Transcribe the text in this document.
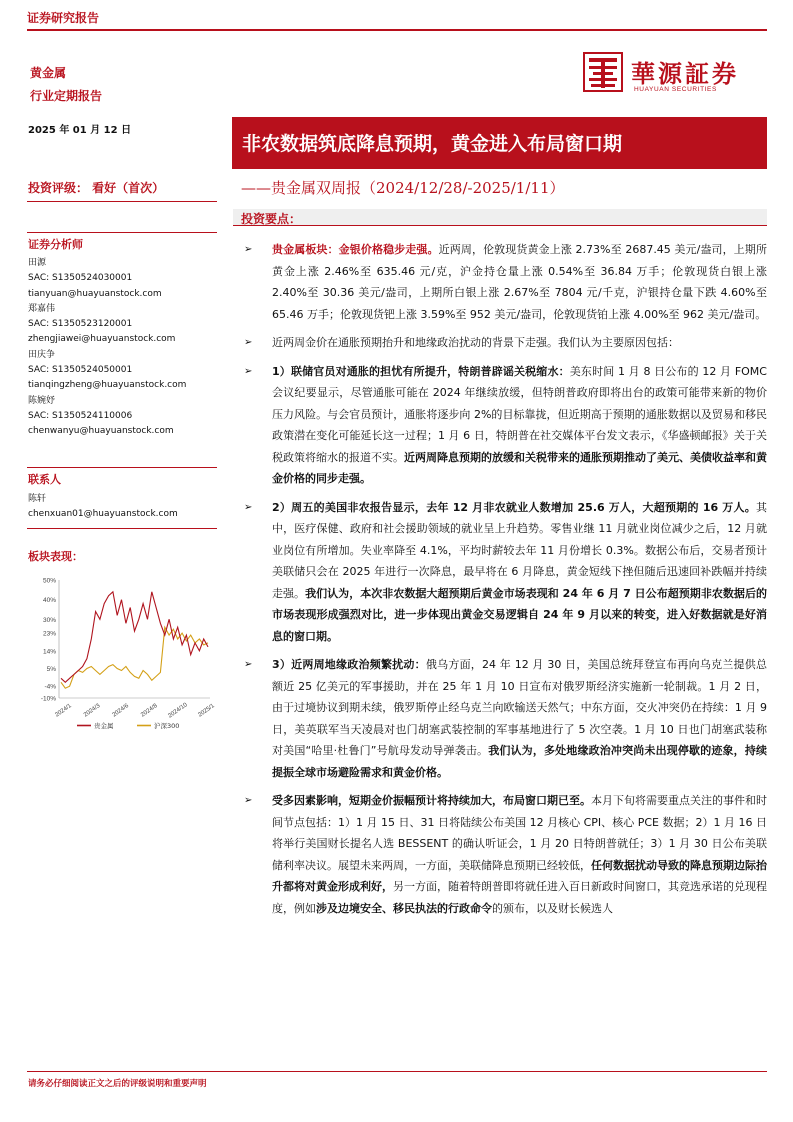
证券研究报告
黄金属
行业定期报告
華源証券
HUAYUAN SECURITIES
2025 年 01 月 12 日
非农数据筑底降息预期，黄金进入布局窗口期
——贵金属双周报（2024/12/28/-2025/1/11）
投资评级： 看好（首次）
证券分析师
田源
SAC: S1350524030001
tianyuan@huayuanstock.com
郑嘉伟
SAC: S1350523120001
zhengjiawei@huayuanstock.com
田庆争
SAC: S1350524050001
tianqingzheng@huayuanstock.com
陈婉妤
SAC: S1350524110006
chenwanyu@huayuanstock.com
联系人
陈轩
chenxuan01@huayuanstock.com
板块表现：
50%
40%
30%
23%
14%
5%
-4%
-10%
2024/1 2024/3 2024/6 2024/8 2024/10 2025/1
贵金属	沪深300
投资要点：
➢ 贵金属板块：金银价格稳步走强。近两周，伦敦现货黄金上涨 2.73%至 2687.45 美元/盎司，上期所黄金上涨 2.46%至 635.46 元/克，沪金持仓量上涨 0.54%至 36.84 万手；伦敦现货白银上涨 2.40%至 30.36 美元/盎司，上期所白银上涨 2.67%至 7804 元/千克，沪银持仓量下跌 4.60%至 65.46 万手；伦敦现货钯上涨 3.59%至 952 美元/盎司，伦敦现货铂上涨 4.00%至 962 美元/盎司。
➢ 近两周金价在通胀预期抬升和地缘政治扰动的背景下走强。我们认为主要原因包括：
➢ 1）联储官员对通胀的担忧有所提升，特朗普辟谣关税缩水：美东时间 1 月 8 日公布的 12 月 FOMC 会议纪要显示，尽管通胀可能在 2024 年继续放缓，但特朗普政府即将出台的政策可能带来新的物价压力风险。与会官员预计，通胀将逐步向 2%的目标靠拢，但近期高于预期的通胀数据以及贸易和移民政策潜在变化可能延长这一过程；1 月 6 日，特朗普在社交媒体平台发文表示，《华盛顿邮报》关于关税政策将缩水的报道不实。近两周降息预期的放缓和关税带来的通胀预期推动了美元、美债收益率和黄金价格的同步走强。
➢ 2）周五的美国非农报告显示，去年 12 月非农就业人数增加 25.6 万人，大超预期的 16 万人。其中，医疗保健、政府和社会援助领域的就业呈上升趋势。零售业继 11 月就业岗位减少之后，12 月就业岗位有所增加。失业率降至 4.1%，平均时薪较去年 11 月份增长 0.3%。数据公布后，交易者预计美联储只会在 2025 年进行一次降息，最早将在 6 月降息，黄金短线下挫但随后迅速回补跌幅并持续走强。我们认为，本次非农数据大超预期后黄金市场表现和 24 年 6 月 7 日公布超预期非农数据后的市场表现形成强烈对比，进一步体现出黄金交易逻辑自 24 年 9 月以来的转变，进入好数据就是好消息的窗口期。
➢ 3）近两周地缘政治频繁扰动：俄乌方面，24 年 12 月 30 日，美国总统拜登宣布再向乌克兰提供总额近 25 亿美元的军事援助，并在 25 年 1 月 10 日宣布对俄罗斯经济实施新一轮制裁。1 月 2 日，由于过境协议到期未续，俄罗斯停止经乌克兰向欧输送天然气；中东方面，交火冲突仍在持续：1 月 9 日，美英联军当天凌晨对也门胡塞武装控制的军事基地进行了 5 次空袭。1 月 10 日也门胡塞武装称对美国“哈里·杜鲁门”号航母发动导弹袭击。我们认为，多处地缘政治冲突尚未出现停歇的迹象，持续提振全球市场避险需求和黄金价格。
➢ 受多因素影响，短期金价振幅预计将持续加大，布局窗口期已至。本月下旬将需要重点关注的事件和时间节点包括：1）1 月 15 日、31 日将陆续公布美国 12 月核心 CPI、核心 PCE 数据；2）1 月 16 日将举行美国财长提名人选 BESSENT 的确认听证会，1 月 20 日特朗普就任；3）1 月 30 日公布美联储利率决议。展望未来两周，一方面，美联储降息预期已经较低，任何数据扰动导致的降息预期边际抬升都将对黄金形成利好，另一方面，随着特朗普即将就任进入百日新政时间窗口，其竞选承诺的兑现程度，例如涉及边境安全、移民执法的行政命令的颁布，以及财长候选人
请务必仔细阅读正文之后的评级说明和重要声明
